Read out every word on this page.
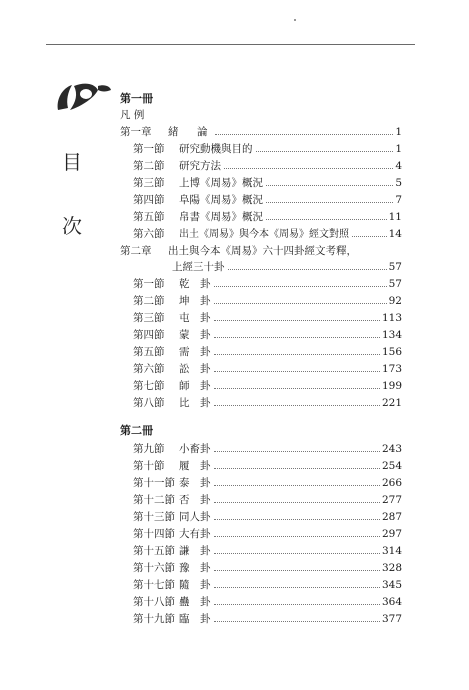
目
次
第一冊
凡 例
第一章	緒　論	1
第一節	研究動機與目的	1
第二節	研究方法	4
第三節	上博《周易》概況	5
第四節	阜陽《周易》概況	7
第五節	帛書《周易》概況	11
第六節	出土《周易》與今本《周易》經文對照	14
第二章	出土與今本《周易》六十四卦經文考釋，
上經三十卦	57
第一節	乾　卦	57
第二節	坤　卦	92
第三節	屯　卦	113
第四節	蒙　卦	134
第五節	需　卦	156
第六節	訟　卦	173
第七節	師　卦	199
第八節	比　卦	221
第二冊
第九節	小畜卦	243
第十節	履　卦	254
第十一節 泰　卦	266
第十二節 否　卦	277
第十三節 同人卦	287
第十四節 大有卦	297
第十五節 謙　卦	314
第十六節 豫　卦	328
第十七節 隨　卦	345
第十八節 蠱　卦	364
第十九節 臨　卦	377
